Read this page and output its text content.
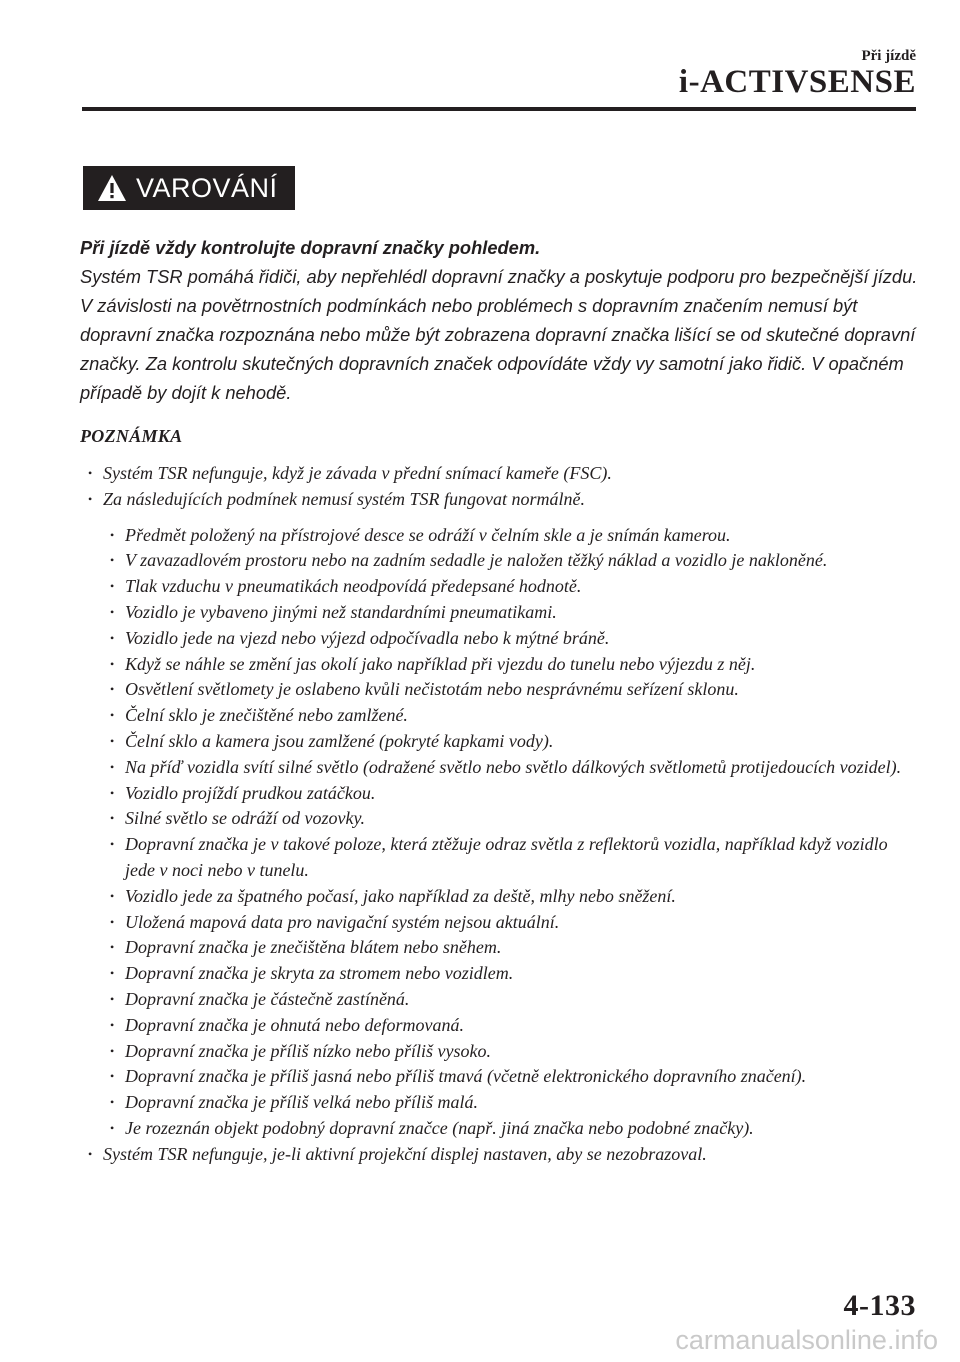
Při jízdě
i-ACTIVSENSE
VAROVÁNÍ
Při jízdě vždy kontrolujte dopravní značky pohledem.
Systém TSR pomáhá řidiči, aby nepřehlédl dopravní značky a poskytuje podporu pro bezpečnější jízdu. V závislosti na povětrnostních podmínkách nebo problémech s dopravním značením nemusí být dopravní značka rozpoznána nebo může být zobrazena dopravní značka lišící se od skutečné dopravní značky. Za kontrolu skutečných dopravních značek odpovídáte vždy vy samotní jako řidič. V opačném případě by dojít k nehodě.
POZNÁMKA
• Systém TSR nefunguje, když je závada v přední snímací kameře (FSC).
• Za následujících podmínek nemusí systém TSR fungovat normálně.
• Předmět položený na přístrojové desce se odráží v čelním skle a je snímán kamerou.
• V zavazadlovém prostoru nebo na zadním sedadle je naložen těžký náklad a vozidlo je nakloněné.
• Tlak vzduchu v pneumatikách neodpovídá předepsané hodnotě.
• Vozidlo je vybaveno jinými než standardními pneumatikami.
• Vozidlo jede na vjezd nebo výjezd odpočívadla nebo k mýtné bráně.
• Když se náhle se změní jas okolí jako například při vjezdu do tunelu nebo výjezdu z něj.
• Osvětlení světlomety je oslabeno kvůli nečistotám nebo nesprávnému seřízení sklonu.
• Čelní sklo je znečištěné nebo zamlžené.
• Čelní sklo a kamera jsou zamlžené (pokryté kapkami vody).
• Na příď vozidla svítí silné světlo (odražené světlo nebo světlo dálkových světlometů protijedoucích vozidel).
• Vozidlo projíždí prudkou zatáčkou.
• Silné světlo se odráží od vozovky.
• Dopravní značka je v takové poloze, která ztěžuje odraz světla z reflektorů vozidla, například když vozidlo jede v noci nebo v tunelu.
• Vozidlo jede za špatného počasí, jako například za deště, mlhy nebo sněžení.
• Uložená mapová data pro navigační systém nejsou aktuální.
• Dopravní značka je znečištěna blátem nebo sněhem.
• Dopravní značka je skryta za stromem nebo vozidlem.
• Dopravní značka je částečně zastíněná.
• Dopravní značka je ohnutá nebo deformovaná.
• Dopravní značka je příliš nízko nebo příliš vysoko.
• Dopravní značka je příliš jasná nebo příliš tmavá (včetně elektronického dopravního značení).
• Dopravní značka je příliš velká nebo příliš malá.
• Je rozeznán objekt podobný dopravní značce (např. jiná značka nebo podobné značky).
• Systém TSR nefunguje, je-li aktivní projekční displej nastaven, aby se nezobrazoval.
4-133
carmanualsonline.info
